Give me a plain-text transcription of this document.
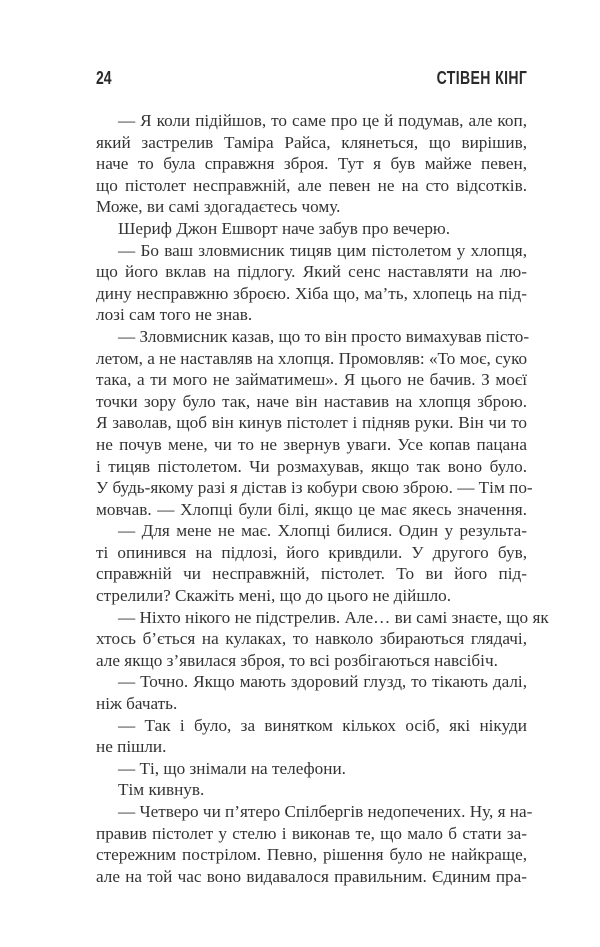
24	СТІВЕН КІНГ
— Я коли підійшов, то саме про це й подумав, але коп,
який застрелив Таміра Райса, клянеться, що вирішив,
наче то була справжня зброя. Тут я був майже певен,
що пістолет несправжній, але певен не на сто відсотків.
Може, ви самі здогадаєтесь чому.
Шериф Джон Ешворт наче забув про вечерю.
— Бо ваш зловмисник тицяв цим пістолетом у хлопця,
що його вклав на підлогу. Який сенс наставляти на лю-
дину несправжню зброєю. Хіба що, ма’ть, хлопець на під-
лозі сам того не знав.
— Зловмисник казав, що то він просто вимахував пісто-
летом, а не наставляв на хлопця. Промовляв: «То моє, суко
така, а ти мого не займатимеш». Я цього не бачив. З моєї
точки зору було так, наче він наставив на хлопця зброю.
Я заволав, щоб він кинув пістолет і підняв руки. Він чи то
не почув мене, чи то не звернув уваги. Усе копав пацана
і тицяв пістолетом. Чи розмахував, якщо так воно було.
У будь-якому разі я дістав із кобури свою зброю. — Тім по-
мовчав. — Хлопці були білі, якщо це має якесь значення.
— Для мене не має. Хлопці билися. Один у результа-
ті опинився на підлозі, його кривдили. У другого був,
справжній чи несправжній, пістолет. То ви його під-
стрелили? Скажіть мені, що до цього не дійшло.
— Ніхто нікого не підстрелив. Але… ви самі знаєте, що як
хтось б’ється на кулаках, то навколо збираються глядачі,
але якщо з’явилася зброя, то всі розбігаються навсібіч.
— Точно. Якщо мають здоровий глузд, то тікають далі,
ніж бачать.
— Так і було, за винятком кількох осіб, які нікуди
не пішли.
— Ті, що знімали на телефони.
Тім кивнув.
— Четверо чи п’ятеро Спілбергів недопечених. Ну, я на-
правив пістолет у стелю і виконав те, що мало б стати за-
стережним пострілом. Певно, рішення було не найкраще,
але на той час воно видавалося правильним. Єдиним пра-
